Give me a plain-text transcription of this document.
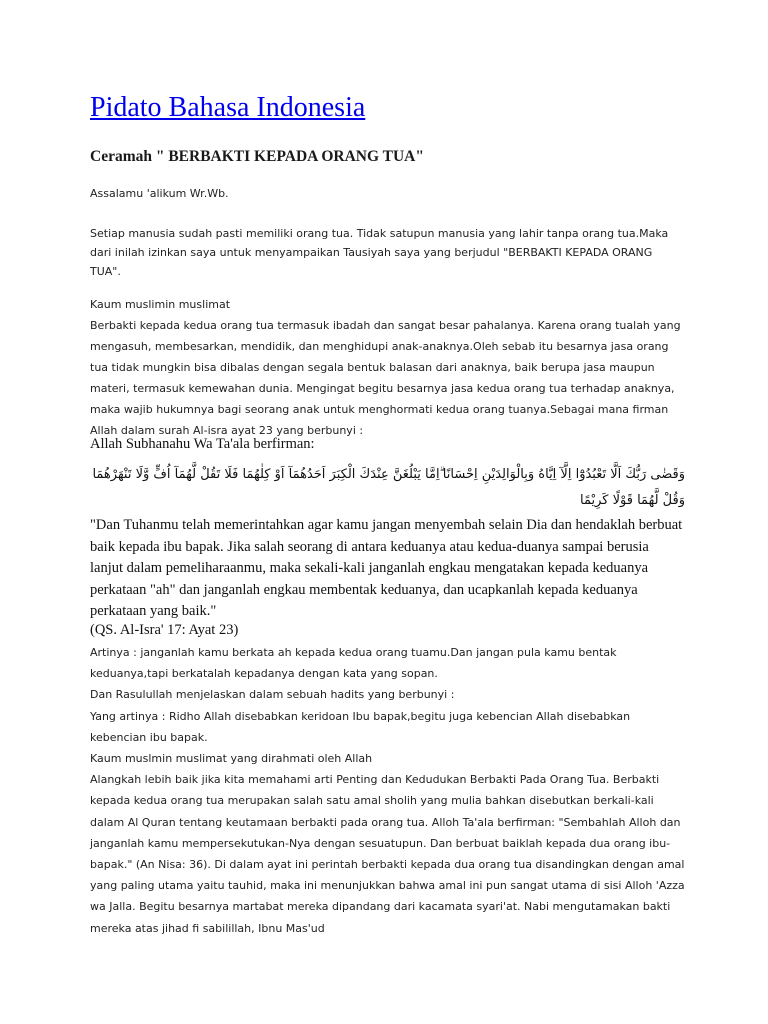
Pidato Bahasa Indonesia
Ceramah " BERBAKTI KEPADA ORANG TUA"

Assalamu 'alikum Wr.Wb.

Setiap manusia sudah pasti memiliki orang tua. Tidak satupun manusia yang lahir tanpa orang tua.Maka dari inilah izinkan saya untuk menyampaikan Tausiyah saya yang berjudul "BERBAKTI KEPADA ORANG TUA".

Kaum muslimin muslimat
Berbakti kepada kedua orang tua termasuk ibadah dan sangat besar pahalanya. Karena orang tualah yang mengasuh, membesarkan, mendidik, dan menghidupi anak-anaknya.Oleh sebab itu besarnya jasa orang tua tidak mungkin bisa dibalas dengan segala bentuk balasan dari anaknya, baik berupa jasa maupun materi, termasuk kemewahan dunia. Mengingat begitu besarnya jasa kedua orang tua terhadap anaknya, maka wajib hukumnya bagi seorang anak untuk menghormati kedua orang tuanya.Sebagai mana firman Allah dalam surah Al-isra ayat 23 yang berbunyi :

Allah Subhanahu Wa Ta'ala berfirman:

وَقَضٰى رَبُّكَ اَلَّا تَعْبُدُوْٓا اِلَّآ اِيَّاهُ وَبِالْوَالِدَيْنِ اِحْسَانًا ۗاِمَّا يَبْلُغَنَّ عِنْدَكَ الْكِبَرَ اَحَدُهُمَآ اَوْ كِلٰهُمَا فَلَا تَقُلْ لَّهُمَآ اُفٍّ وَّلَا تَنْهَرْهُمَا وَقُلْ لَّهُمَا قَوْلًا كَرِيْمًا

"Dan Tuhanmu telah memerintahkan agar kamu jangan menyembah selain Dia dan hendaklah berbuat baik kepada ibu bapak. Jika salah seorang di antara keduanya atau kedua-duanya sampai berusia lanjut dalam pemeliharaanmu, maka sekali-kali janganlah engkau mengatakan kepada keduanya perkataan "ah" dan janganlah engkau membentak keduanya, dan ucapkanlah kepada keduanya perkataan yang baik."

(QS. Al-Isra' 17: Ayat 23)

Artinya : janganlah kamu berkata ah kepada kedua orang tuamu.Dan jangan pula kamu bentak keduanya,tapi berkatalah kepadanya dengan kata yang sopan.
Dan Rasulullah menjelaskan dalam sebuah hadits yang berbunyi :
Yang artinya : Ridho Allah disebabkan keridoan Ibu bapak,begitu juga kebencian Allah disebabkan kebencian ibu bapak.
Kaum muslmin muslimat yang dirahmati oleh Allah
Alangkah lebih baik jika kita memahami arti Penting dan Kedudukan Berbakti Pada Orang Tua. Berbakti kepada kedua orang tua merupakan salah satu amal sholih yang mulia bahkan disebutkan berkali-kali dalam Al Quran tentang keutamaan berbakti pada orang tua. Alloh Ta'ala berfirman: "Sembahlah Alloh dan janganlah kamu mempersekutukan-Nya dengan sesuatupun. Dan berbuat baiklah kepada dua orang ibu-bapak." (An Nisa: 36). Di dalam ayat ini perintah berbakti kepada dua orang tua disandingkan dengan amal yang paling utama yaitu tauhid, maka ini menunjukkan bahwa amal ini pun sangat utama di sisi Alloh 'Azza wa Jalla. Begitu besarnya martabat mereka dipandang dari kacamata syari'at. Nabi mengutamakan bakti mereka atas jihad fi sabilillah, Ibnu Mas'ud
